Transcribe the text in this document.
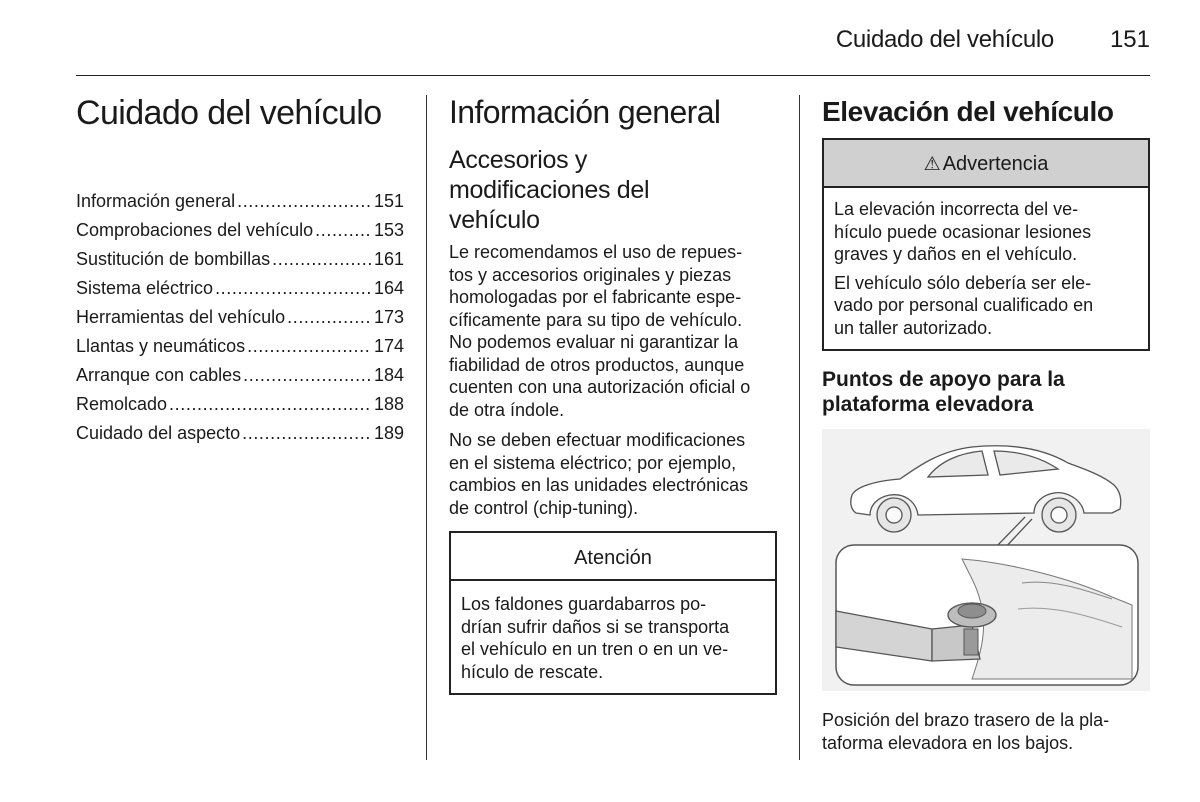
Cuidado del vehículo 151
Cuidado del vehículo
Información general . . .	151
Comprobaciones del vehículo . . .	153
Sustitución de bombillas . . .	161
Sistema eléctrico . . .	164
Herramientas del vehículo . . .	173
Llantas y neumáticos . . .	174
Arranque con cables . . .	184
Remolcado . . .	188
Cuidado del aspecto . . .	189
Información general
Accesorios y
modificaciones del
vehículo
Le recomendamos el uso de repues-
tos y accesorios originales y piezas
homologadas por el fabricante espe-
cíficamente para su tipo de vehículo.
No podemos evaluar ni garantizar la
fiabilidad de otros productos, aunque
cuenten con una autorización oficial o
de otra índole.
No se deben efectuar modificaciones
en el sistema eléctrico; por ejemplo,
cambios en las unidades electrónicas
de control (chip-tuning).
Atención
Los faldones guardabarros po-
drían sufrir daños si se transporta
el vehículo en un tren o en un ve-
hículo de rescate.
Elevación del vehículo
⚠ Advertencia

La elevación incorrecta del ve-
hículo puede ocasionar lesiones
graves y daños en el vehículo.

El vehículo sólo debería ser ele-
vado por personal cualificado en
un taller autorizado.

Puntos de apoyo para la
plataforma elevadora
Posición del brazo trasero de la pla-
taforma elevadora en los bajos.
